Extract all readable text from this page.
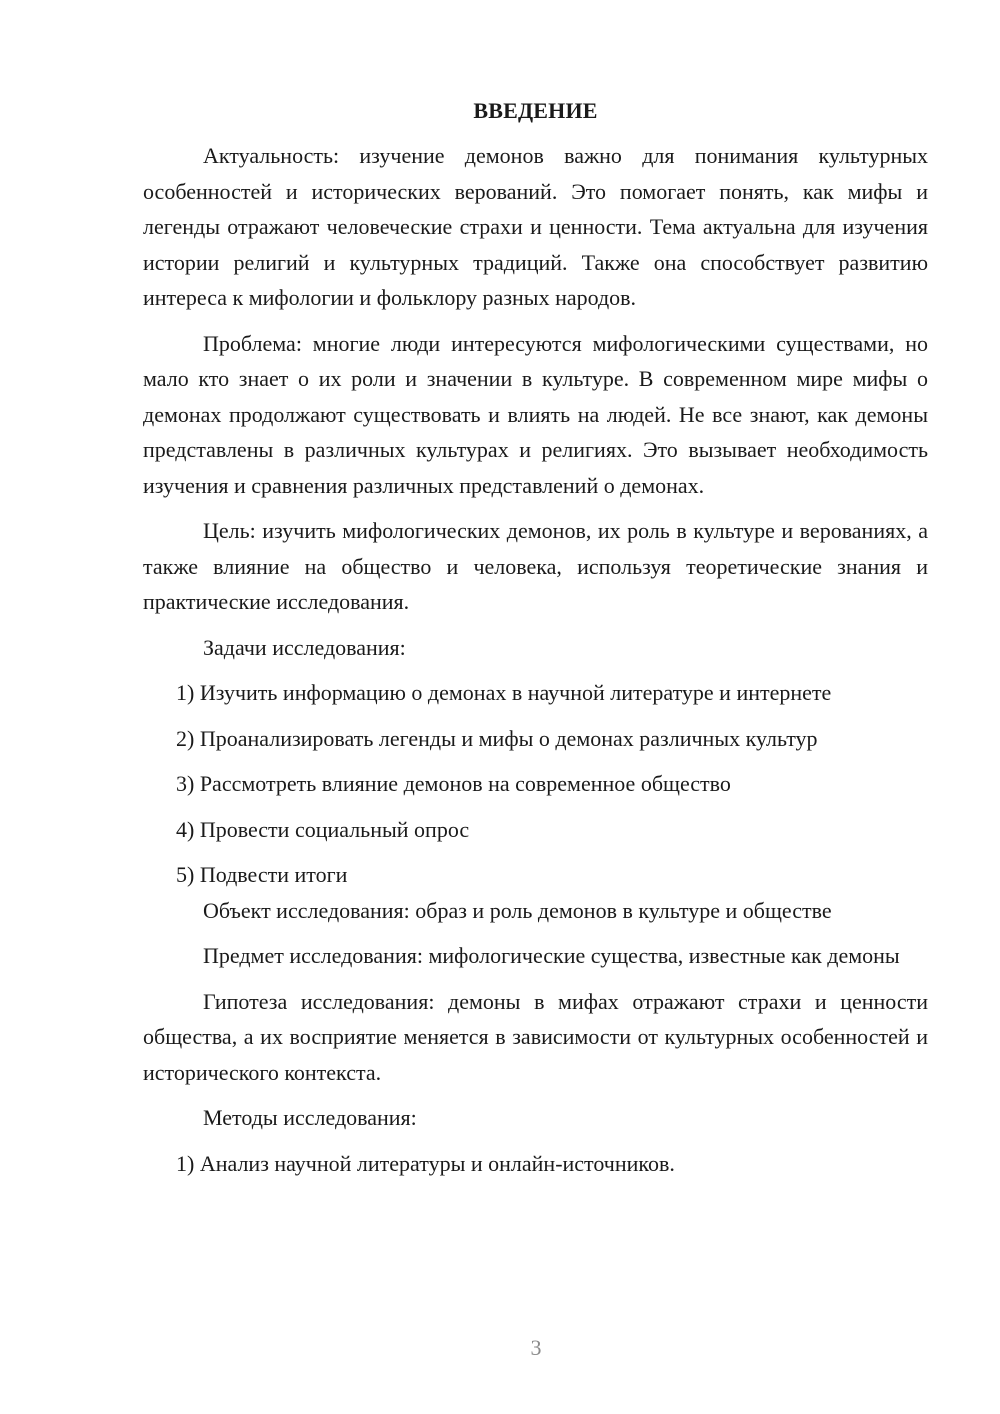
ВВЕДЕНИЕ

Актуальность: изучение демонов важно для понимания культурных особенностей и исторических верований. Это помогает понять, как мифы и легенды отражают человеческие страхи и ценности. Тема актуальна для изучения истории религий и культурных традиций. Также она способствует развитию интереса к мифологии и фольклору разных народов.

Проблема: многие люди интересуются мифологическими существами, но мало кто знает о их роли и значении в культуре. В современном мире мифы о демонах продолжают существовать и влиять на людей. Не все знают, как демоны представлены в различных культурах и религиях. Это вызывает необходимость изучения и сравнения различных представлений о демонах.

Цель: изучить мифологических демонов, их роль в культуре и верованиях, а также влияние на общество и человека, используя теоретические знания и практические исследования.

Задачи исследования:
1) Изучить информацию о демонах в научной литературе и интернете
2) Проанализировать легенды и мифы о демонах различных культур
3) Рассмотреть влияние демонов на современное общество
4) Провести социальный опрос
5) Подвести итоги
Объект исследования: образ и роль демонов в культуре и обществе

Предмет исследования: мифологические существа, известные как демоны

Гипотеза исследования: демоны в мифах отражают страхи и ценности общества, а их восприятие меняется в зависимости от культурных особенностей и исторического контекста.

Методы исследования:
1) Анализ научной литературы и онлайн-источников.
3
